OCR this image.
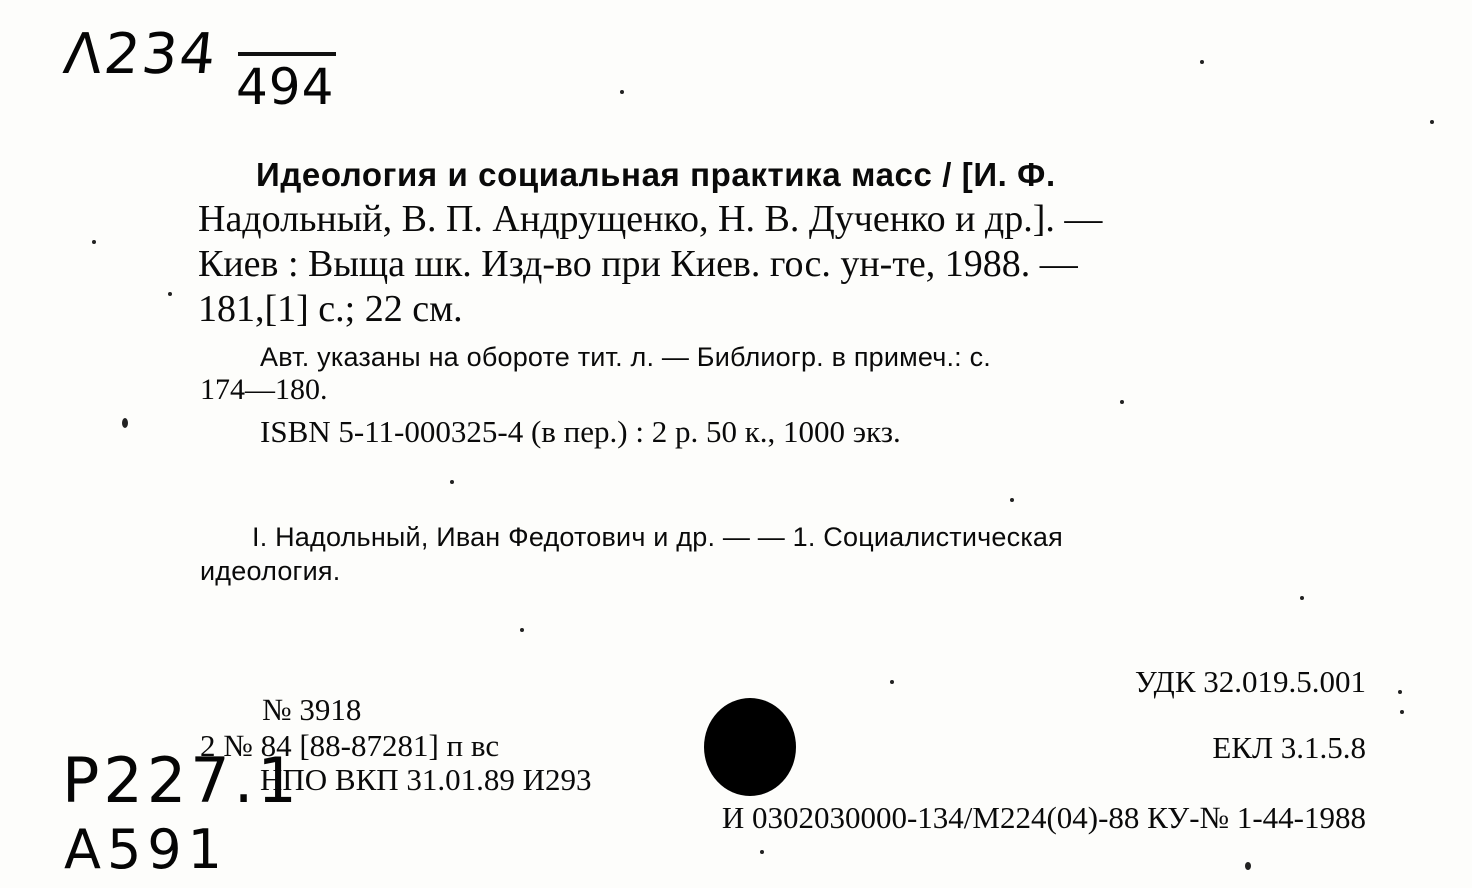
Λ234 494
Идеология и социальная практика масс / [И. Ф.
Надольный, В. П. Андрущенко, Н. В. Дученко и др.]. —
Киев : Выща шк. Изд-во при Киев. гос. ун-те, 1988. —
181,[1] с.; 22 см.
Авт. указаны на обороте тит. л. — Библиогр. в примеч.: с.
174—180.
ISBN 5-11-000325-4 (в пер.) : 2 р. 50 к., 1000 экз.
I. Надольный, Иван Федотович и др. — — 1. Социалистическая
идеология.
УДК 32.019.5.001
№ 3918
2 № 84 [88-87281] п вс	ЕКЛ 3.1.5.8
НПО ВКП 31.01.89 И293
И 0302030000-134/М224(04)-88 КУ-№ 1-44-1988
P227.1
A591
